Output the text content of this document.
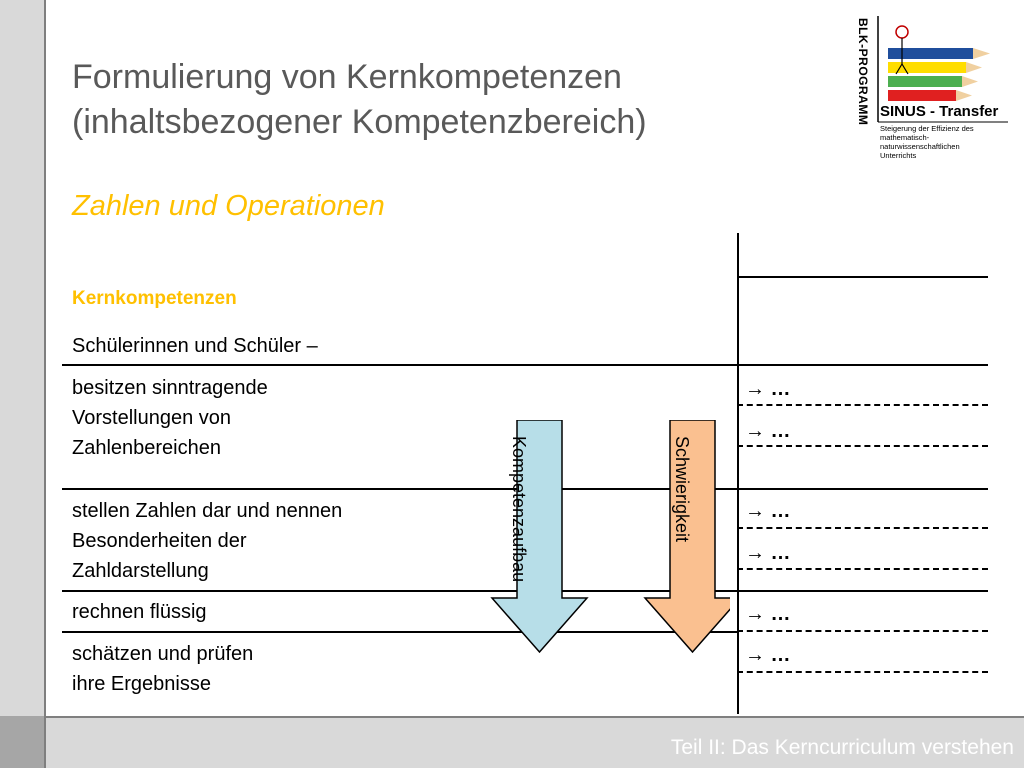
Formulierung von Kernkompetenzen
(inhaltsbezogener Kompetenzbereich)
Zahlen und Operationen
BLK-PROGRAMM SINUS - Transfer
Steigerung der Effizienz des
mathematisch-naturwissenschaftlichen
Unterrichts
Kernkompetenzen
Schülerinnen und Schüler –
besitzen sinntragende
Vorstellungen von
Zahlenbereichen
→ …
→ …
stellen Zahlen dar und nennen
Besonderheiten der
Zahldarstellung
→ …
→ …
rechnen flüssig	→ …
schätzen und prüfen
ihre Ergebnisse
→ …
Kompetenzaufbau	Schwierigkeit
Teil II: Das Kerncurriculum verstehen
